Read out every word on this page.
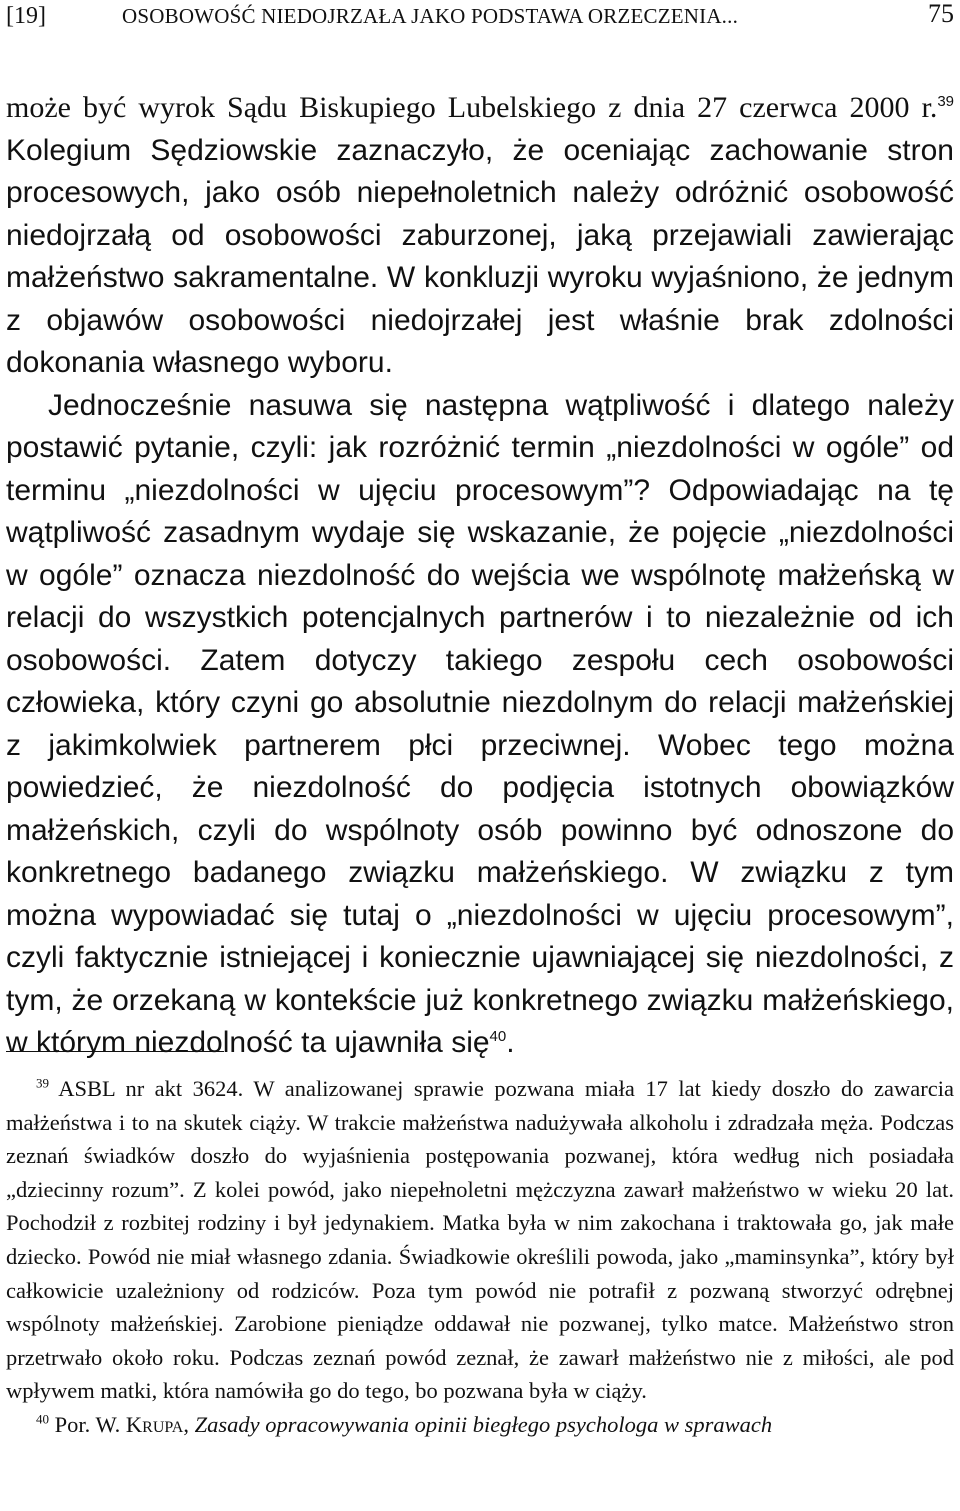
[19]	OSOBOWOŚĆ NIEDOJRZAŁA JAKO PODSTAWA ORZECZENIA...	75

może być wyrok Sądu Biskupiego Lubelskiego z dnia 27 czerwca 2000 r.$^{39}$ Kolegium Sędziowskie zaznaczyło, że oceniając zachowanie stron procesowych, jako osób niepełnoletnich należy odróżnić osobowość niedojrzałą od osobowości zaburzonej, jaką przejawiali zawierając małżeństwo sakramentalne. W konkluzji wyroku wyjaśniono, że jednym z objawów osobowości niedojrzałej jest właśnie brak zdolności dokonania własnego wyboru.

Jednocześnie nasuwa się następna wątpliwość i dlatego należy postawić pytanie, czyli: jak rozróżnić termin „niezdolności w ogóle” od terminu „niezdolności w ujęciu procesowym”? Odpowiadając na tę wątpliwość zasadnym wydaje się wskazanie, że pojęcie „niezdolności w ogóle” oznacza niezdolność do wejścia we wspólnotę małżeńską w relacji do wszystkich potencjalnych partnerów i to niezależnie od ich osobowości. Zatem dotyczy takiego zespołu cech osobowości człowieka, który czyni go absolutnie niezdolnym do relacji małżeńskiej z jakimkolwiek partnerem płci przeciwnej. Wobec tego można powiedzieć, że niezdolność do podjęcia istotnych obowiązków małżeńskich, czyli do wspólnoty osób powinno być odnoszone do konkretnego badanego związku małżeńskiego. W związku z tym można wypowiadać się tutaj o „niezdolności w ujęciu procesowym”, czyli faktycznie istniejącej i koniecznie ujawniającej się niezdolności, z tym, że orzekaną w kontekście już konkretnego związku małżeńskiego, w którym niezdolność ta ujawniła się$^{40}$.

$^{39}$ ASBL nr akt 3624. W analizowanej sprawie pozwana miała 17 lat kiedy doszło do zawarcia małżeństwa i to na skutek ciąży. W trakcie małżeństwa nadużywała alkoholu i zdradzała męża. Podczas zeznań świadków doszło do wyjaśnienia postępowania pozwanej, która według nich posiadała „dziecinny rozum”. Z kolei powód, jako niepełnoletni mężczyzna zawarł małżeństwo w wieku 20 lat. Pochodził z rozbitej rodziny i był jedynakiem. Matka była w nim zakochana i traktowała go, jak małe dziecko. Powód nie miał własnego zdania. Świadkowie określili powoda, jako „maminsynka”, który był całkowicie uzależniony od rodziców. Poza tym powód nie potrafił z pozwaną stworzyć odrębnej wspólnoty małżeńskiej. Zarobione pieniądze oddawał nie pozwanej, tylko matce. Małżeństwo stron przetrwało około roku. Podczas zeznań powód zeznał, że zawarł małżeństwo nie z miłości, ale pod wpływem matki, która namówiła go do tego, bo pozwana była w ciąży.

$^{40}$ Por. W. Krupa, Zasady opracowywania opinii biegłego psychologa w sprawach
